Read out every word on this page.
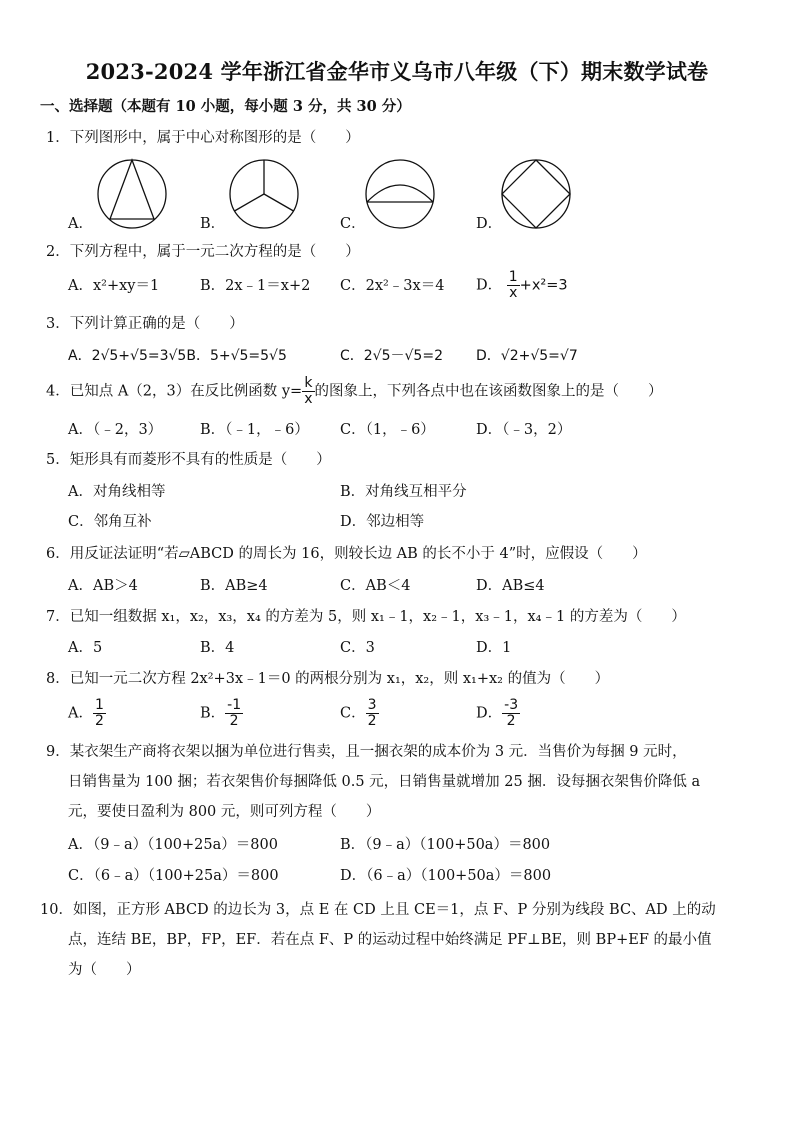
2023-2024 学年浙江省金华市义乌市八年级（下）期末数学试卷
一、选择题（本题有 10 小题，每小题 3 分，共 30 分）
1．下列图形中，属于中心对称图形的是（　　）
A．	B．	C．	D．
2．下列方程中，属于一元二次方程的是（　　）
A．x²+xy＝1	B．2x﹣1＝x+2 C．2x²﹣3x＝4 D． $\frac{1}{x} +x^2=3$
3．下列计算正确的是（　　）
A．2√5+√5=3√5B．5+√5=5√5	C．2√5－√5=2 D．√2+√5=√7
4．已知点 A（2，3）在反比例函数 $y= \frac{k}{x}$ 的图象上，下列各点中也在该函数图象上的是（　　）
A．（﹣2，3）	B．（﹣1，﹣6） C．（1，﹣6）	D．（﹣3，2）
5．矩形具有而菱形不具有的性质是（　　）
A．对角线相等	B．对角线互相平分
C．邻角互补	D．邻边相等
6．用反证法证明“若▱ABCD 的周长为 16，则较长边 AB 的长不小于 4”时，应假设（　　）
A．AB＞4	B．AB≥4	C．AB＜4	D．AB≤4
7．已知一组数据 x₁，x₂，x₃，x₄ 的方差为 5，则 x₁﹣1，x₂﹣1，x₃﹣1，x₄﹣1 的方差为（　　）
A．5	B．4	C．3	D．1
8．已知一元二次方程 2x²+3x﹣1＝0 的两根分别为 x₁，x₂，则 x₁+x₂ 的值为（　　）
A． $\frac{1}{2}$	B． $\frac{-1}{2}$	C． $\frac{3}{2}$	D． $\frac{-3}{2}$
9．某衣架生产商将衣架以捆为单位进行售卖，且一捆衣架的成本价为 3 元．当售价为每捆 9 元时，
日销售量为 100 捆；若衣架售价每捆降低 0.5 元，日销售量就增加 25 捆．设每捆衣架售价降低 a
元，要使日盈利为 800 元，则可列方程（　　）
A．（9﹣a）（100+25a）＝800	B．（9﹣a）（100+50a）＝800
C．（6﹣a）（100+25a）＝800	D．（6﹣a）（100+50a）＝800
10．如图，正方形 ABCD 的边长为 3，点 E 在 CD 上且 CE＝1，点 F、P 分别为线段 BC、AD 上的动
点，连结 BE，BP，FP，EF．若在点 F、P 的运动过程中始终满足 PF⊥BE，则 BP+EF 的最小值
为（　　）
